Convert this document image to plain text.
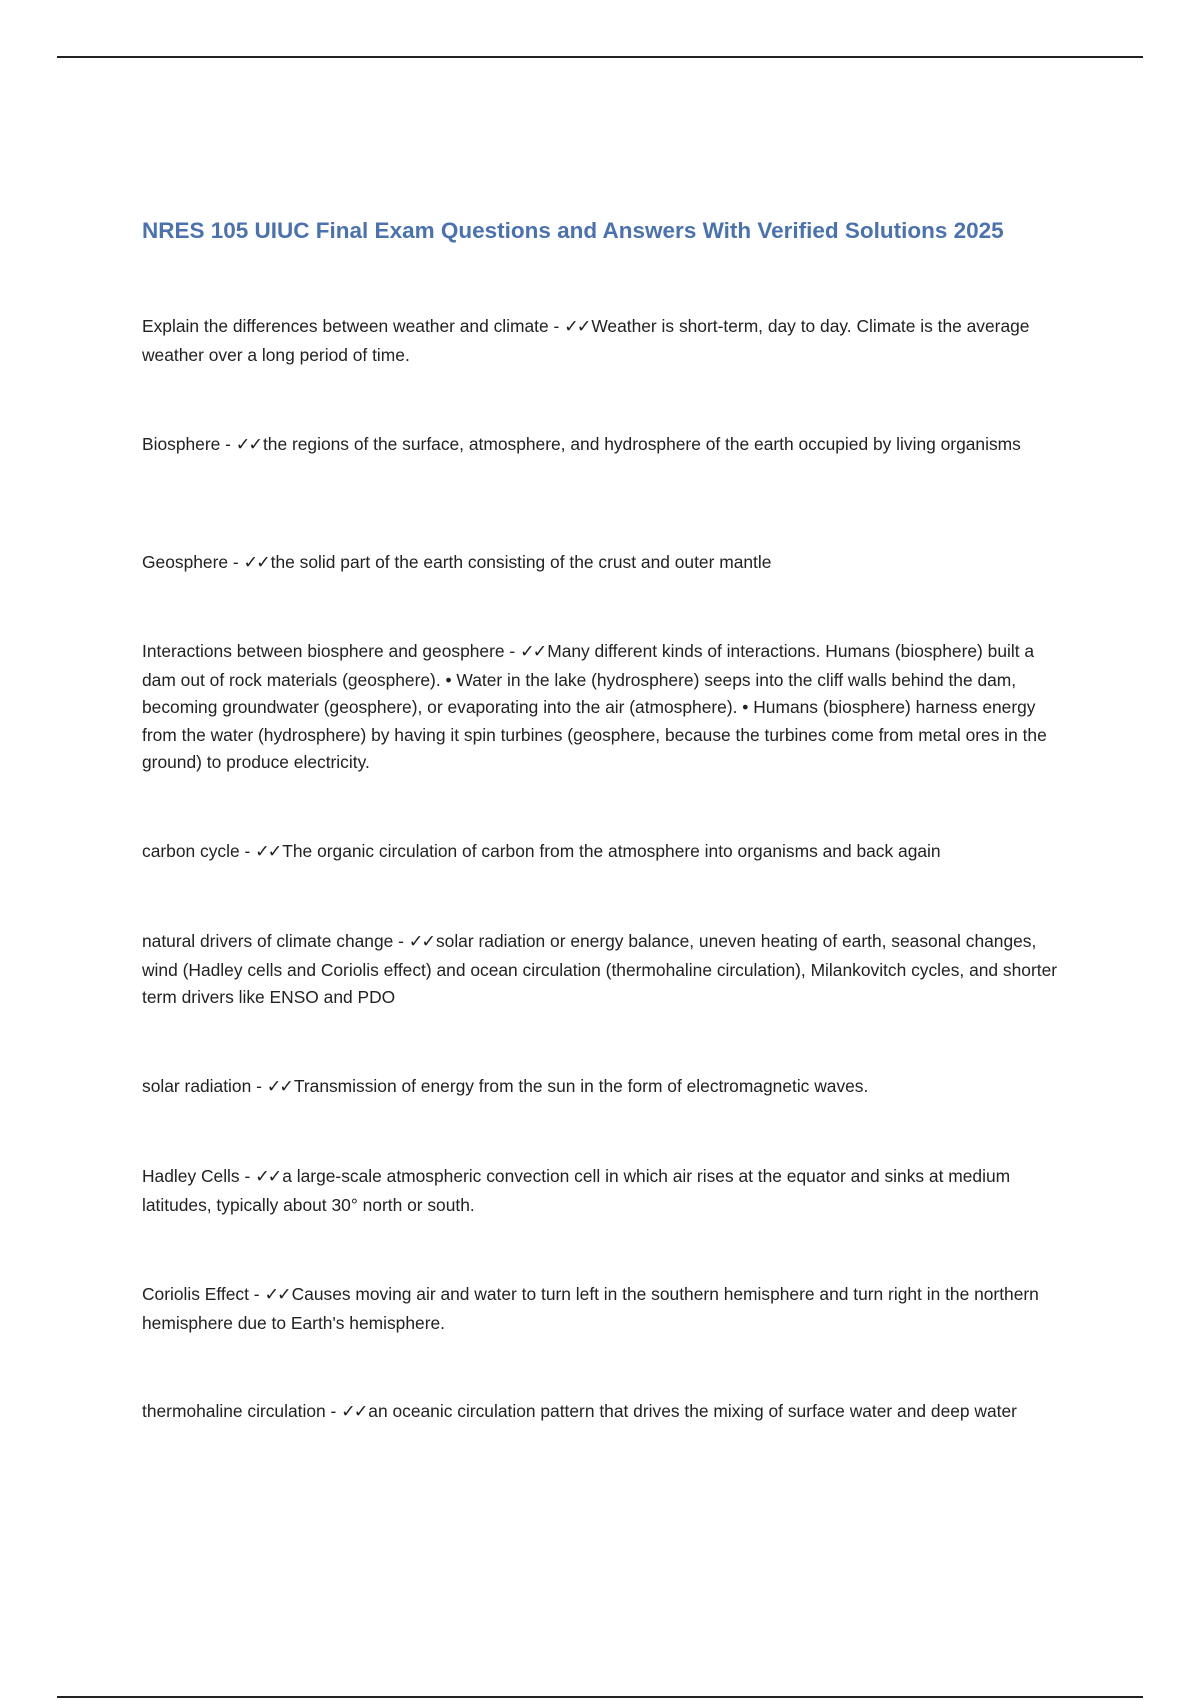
NRES 105 UIUC Final Exam Questions and Answers With Verified Solutions 2025

Explain the differences between weather and climate - ✓✓ Weather is short-term, day to day. Climate is the average weather over a long period of time.

Biosphere - ✓✓ the regions of the surface, atmosphere, and hydrosphere of the earth occupied by living organisms

Geosphere - ✓✓ the solid part of the earth consisting of the crust and outer mantle

Interactions between biosphere and geosphere - ✓✓ Many different kinds of interactions. Humans (biosphere) built a dam out of rock materials (geosphere). • Water in the lake (hydrosphere) seeps into the cliff walls behind the dam, becoming groundwater (geosphere), or evaporating into the air (atmosphere). • Humans (biosphere) harness energy from the water (hydrosphere) by having it spin turbines (geosphere, because the turbines come from metal ores in the ground) to produce electricity.

carbon cycle - ✓✓ The organic circulation of carbon from the atmosphere into organisms and back again

natural drivers of climate change - ✓✓ solar radiation or energy balance, uneven heating of earth, seasonal changes, wind (Hadley cells and Coriolis effect) and ocean circulation (thermohaline circulation), Milankovitch cycles, and shorter term drivers like ENSO and PDO

solar radiation - ✓✓ Transmission of energy from the sun in the form of electromagnetic waves.

Hadley Cells - ✓✓ a large-scale atmospheric convection cell in which air rises at the equator and sinks at medium latitudes, typically about 30° north or south.

Coriolis Effect - ✓✓ Causes moving air and water to turn left in the southern hemisphere and turn right in the northern hemisphere due to Earth's hemisphere.

thermohaline circulation - ✓✓ an oceanic circulation pattern that drives the mixing of surface water and deep water
